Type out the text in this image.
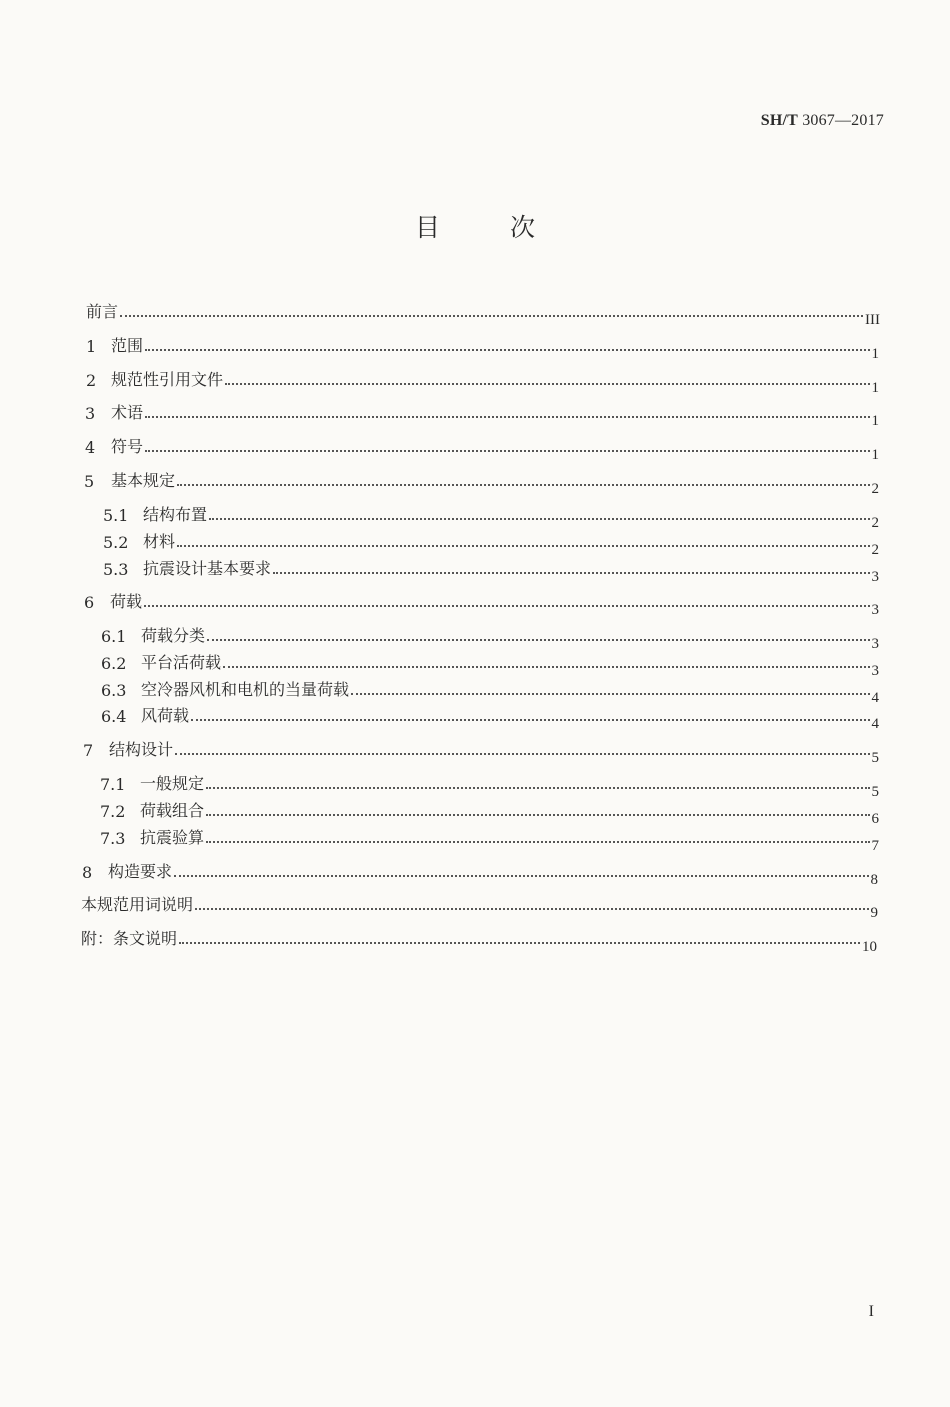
SH/T 3067—2017
目次
前言	III
1 范围	1
2 规范性引用文件	1
3 术语	1
4 符号	1
5	基本规定	2
5.1 结构布置	2
5.2 材料	2
5.3 抗震设计基本要求	3
6 荷载	3
6.1 荷载分类	3
6.2 平台活荷载	3
6.3 空冷器风机和电机的当量荷载	4
6.4 风荷载	4
7 结构设计	5
7.1 一般规定	5
7.2 荷载组合	6
7.3 抗震验算	7
8 构造要求	8
本规范用词说明	9
附：条文说明	10
I
